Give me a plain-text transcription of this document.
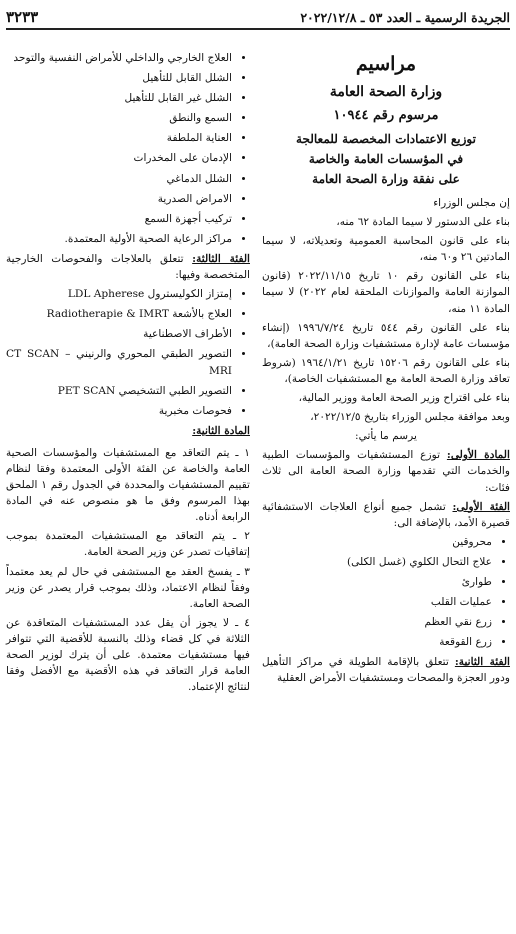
الجريدة الرسمية ـ العدد ٥٣ ـ ٢٠٢٢/١٢/٨
٣٢٣٣

مراسيم

وزارة الصحة العامة

مرسوم رقم ١٠٩٤٤

توزيع الاعتمادات المخصصة للمعالجة

في المؤسسات العامة والخاصة

على نفقة وزارة الصحة العامة

إن مجلس الوزراء

بناء على الدستور لا سيما المادة ٦٢ منه،

بناء على قانون المحاسبة العمومية وتعديلاته، لا سيما المادتين ٢٦ و٦٠ منه،

بناء على القانون رقم ١٠ تاريخ ٢٠٢٢/١١/١٥ (قانون الموازنة العامة والموازنات الملحقة لعام ٢٠٢٢) لا سيما المادة ١١ منه،

بناء على القانون رقم ٥٤٤ تاريخ ١٩٩٦/٧/٢٤ (إنشاء مؤسسات عامة لإدارة مستشفيات وزارة الصحة العامة)،

بناء على القانون رقم ١٥٢٠٦ تاريخ ١٩٦٤/١/٢١ (شروط تعاقد وزارة الصحة العامة مع المستشفيات الخاصة)،

بناء على اقتراح وزير الصحة العامة ووزير المالية،

وبعد موافقة مجلس الوزراء بتاريخ ٢٠٢٢/١٢/٥،

يرسم ما يأتي:

المادة الأولى: توزع المستشفيات والمؤسسات الطبية والخدمات التي تقدمها وزارة الصحة العامة الى ثلاث فئات:

الفئة الأولى: تشمل جميع أنواع العلاجات الاستشفائية قصيرة الأمد، بالإضافة الى:

• محروقين
• علاج التحال الكلوي (غسل الكلى)
• طوارئ
• عمليات القلب
• زرع نقي العظم
• زرع القوقعة

الفئة الثانية: تتعلق بالإقامة الطويلة في مراكز التأهيل ودور العجزة والمصحات ومستشفيات الأمراض العقلية

• العلاج الخارجي والداخلي للأمراض النفسية والتوحد
• الشلل القابل للتأهيل
• الشلل غير القابل للتأهيل
• السمع والنطق
• العناية الملطفة
• الإدمان على المخدرات
• الشلل الدماغي
• الامراض الصدرية
• تركيب أجهزة السمع
• مراكز الرعاية الصحية الأولية المعتمدة.

الفئة الثالثة: تتعلق بالعلاجات والفحوصات الخارجية المتخصصة وفيها:

• إمتزاز الكوليسترول LDL Apherese
• العلاج بالأشعة Radiotherapie & IMRT
• الأطراف الاصطناعية
• التصوير الطبقي المحوري والرنيني CT SCAN – MRI
• التصوير الطبي التشخيصي PET SCAN
• فحوصات مخبرية

المادة الثانية:

١ ـ يتم التعاقد مع المستشفيات والمؤسسات الصحية العامة والخاصة عن الفئة الأولى المعتمدة وفقا لنظام تقييم المستشفيات والمحددة في الجدول رقم ١ الملحق بهذا المرسوم وفق ما هو منصوص عنه في المادة الرابعة أدناه.

٢ ـ يتم التعاقد مع المستشفيات المعتمدة بموجب إتفاقيات تصدر عن وزير الصحة العامة.

٣ ـ يفسخ العقد مع المستشفى في حال لم يعد معتمداً وفقاً لنظام الاعتماد، وذلك بموجب قرار يصدر عن وزير الصحة العامة.

٤ ـ لا يجوز أن يقل عدد المستشفيات المتعاقدة عن الثلاثة في كل قضاء وذلك بالنسبة للأقضية التي تتوافر فيها مستشفيات معتمدة. على أن يترك لوزير الصحة العامة قرار التعاقد في هذه الأقضية مع الأفضل وفقا لنتائج الإعتماد.
